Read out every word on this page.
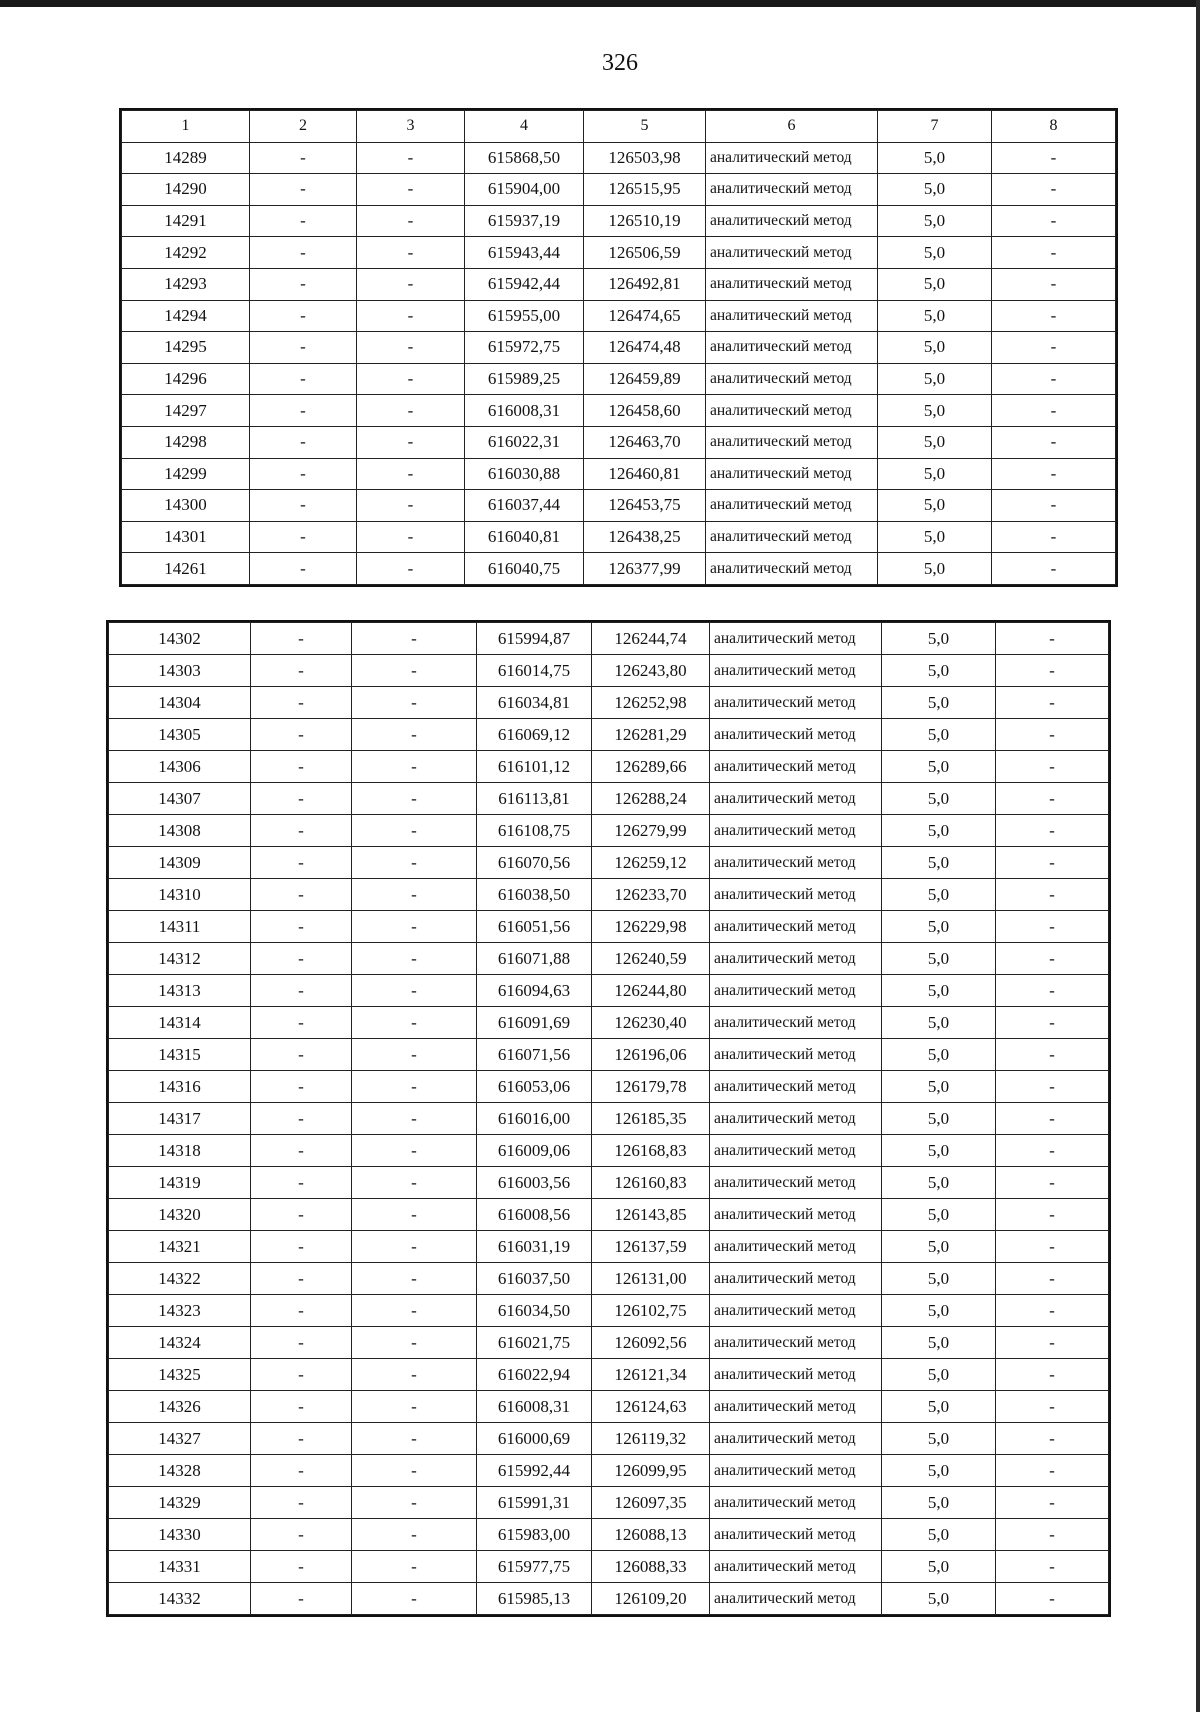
326
1	2	3	4	5	6	7	8
14289	-	-	615868,50	126503,98	аналитический метод	5,0	-
14290	-	-	615904,00	126515,95	аналитический метод	5,0	-
14291	-	-	615937,19	126510,19	аналитический метод	5,0	-
14292	-	-	615943,44	126506,59	аналитический метод	5,0	-
14293	-	-	615942,44	126492,81	аналитический метод	5,0	-
14294	-	-	615955,00	126474,65	аналитический метод	5,0	-
14295	-	-	615972,75	126474,48	аналитический метод	5,0	-
14296	-	-	615989,25	126459,89	аналитический метод	5,0	-
14297	-	-	616008,31	126458,60	аналитический метод	5,0	-
14298	-	-	616022,31	126463,70	аналитический метод	5,0	-
14299	-	-	616030,88	126460,81	аналитический метод	5,0	-
14300	-	-	616037,44	126453,75	аналитический метод	5,0	-
14301	-	-	616040,81	126438,25	аналитический метод	5,0	-
14261	-	-	616040,75	126377,99	аналитический метод	5,0	-
14302	-	-	615994,87	126244,74	аналитический метод	5,0	-
14303	-	-	616014,75	126243,80	аналитический метод	5,0	-
14304	-	-	616034,81	126252,98	аналитический метод	5,0	-
14305	-	-	616069,12	126281,29	аналитический метод	5,0	-
14306	-	-	616101,12	126289,66	аналитический метод	5,0	-
14307	-	-	616113,81	126288,24	аналитический метод	5,0	-
14308	-	-	616108,75	126279,99	аналитический метод	5,0	-
14309	-	-	616070,56	126259,12	аналитический метод	5,0	-
14310	-	-	616038,50	126233,70	аналитический метод	5,0	-
14311	-	-	616051,56	126229,98	аналитический метод	5,0	-
14312	-	-	616071,88	126240,59	аналитический метод	5,0	-
14313	-	-	616094,63	126244,80	аналитический метод	5,0	-
14314	-	-	616091,69	126230,40	аналитический метод	5,0	-
14315	-	-	616071,56	126196,06	аналитический метод	5,0	-
14316	-	-	616053,06	126179,78	аналитический метод	5,0	-
14317	-	-	616016,00	126185,35	аналитический метод	5,0	-
14318	-	-	616009,06	126168,83	аналитический метод	5,0	-
14319	-	-	616003,56	126160,83	аналитический метод	5,0	-
14320	-	-	616008,56	126143,85	аналитический метод	5,0	-
14321	-	-	616031,19	126137,59	аналитический метод	5,0	-
14322	-	-	616037,50	126131,00	аналитический метод	5,0	-
14323	-	-	616034,50	126102,75	аналитический метод	5,0	-
14324	-	-	616021,75	126092,56	аналитический метод	5,0	-
14325	-	-	616022,94	126121,34	аналитический метод	5,0	-
14326	-	-	616008,31	126124,63	аналитический метод	5,0	-
14327	-	-	616000,69	126119,32	аналитический метод	5,0	-
14328	-	-	615992,44	126099,95	аналитический метод	5,0	-
14329	-	-	615991,31	126097,35	аналитический метод	5,0	-
14330	-	-	615983,00	126088,13	аналитический метод	5,0	-
14331	-	-	615977,75	126088,33	аналитический метод	5,0	-
14332	-	-	615985,13	126109,20	аналитический метод	5,0	-
